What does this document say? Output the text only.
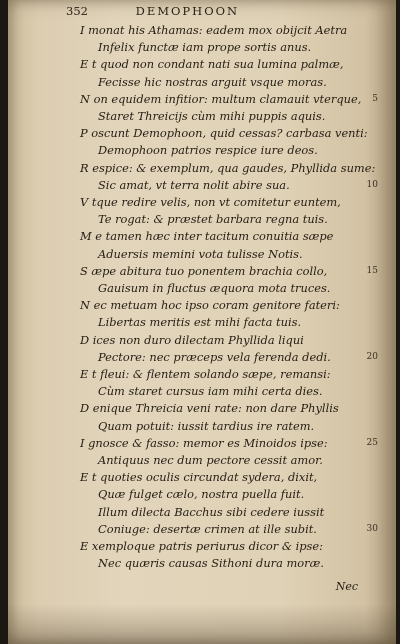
352	DEMOPHOON
I monat his Athamas: eadem mox obijcit Aetra
Infelix functæ iam prope sortis anus.
E t quod non condant nati sua lumina palmæ,
Fecisse hic nostras arguit vsque moras.
N on equidem infitior: multum clamauit vterque,
Staret Threicijs cùm mihi puppis aquis.
P oscunt Demophoon, quid cessas? carbasa venti:
Demophoon patrios respice iure deos.
R espice: & exemplum, qua gaudes, Phyllida sume:
Sic amat, vt terra nolit abire sua.
V tque redire velis, non vt comitetur euntem,
Te rogat: & præstet barbara regna tuis.
M e tamen hæc inter tacitum conuitia sæpe
Aduersis memini vota tulisse Notis.
S æpe abitura tuo ponentem brachia collo,
Gauisum in fluctus æquora mota truces.
N ec metuam hoc ipso coram genitore fateri:
Libertas meritis est mihi facta tuis.
D ices non duro dilectam Phyllida liqui
Pectore: nec præceps vela ferenda dedi.
E t fleui: & flentem solando sæpe, remansi:
Cùm staret cursus iam mihi certa dies.
D enique Threicia veni rate: non dare Phyllis
Quam potuit: iussit tardius ire ratem.
I gnosce & fasso: memor es Minoidos ipse:
Antiquus nec dum pectore cessit amor.
E t quoties oculis circundat sydera, dixit,
Quæ fulget cælo, nostra puella fuit.
Illum dilecta Bacchus sibi cedere iussit
Coniuge: desertæ crimen at ille subit.
E xemploque patris periurus dicor & ipse:
Nec quæris causas Sithoni dura moræ.
5
10
15
20
25
30
Nec
